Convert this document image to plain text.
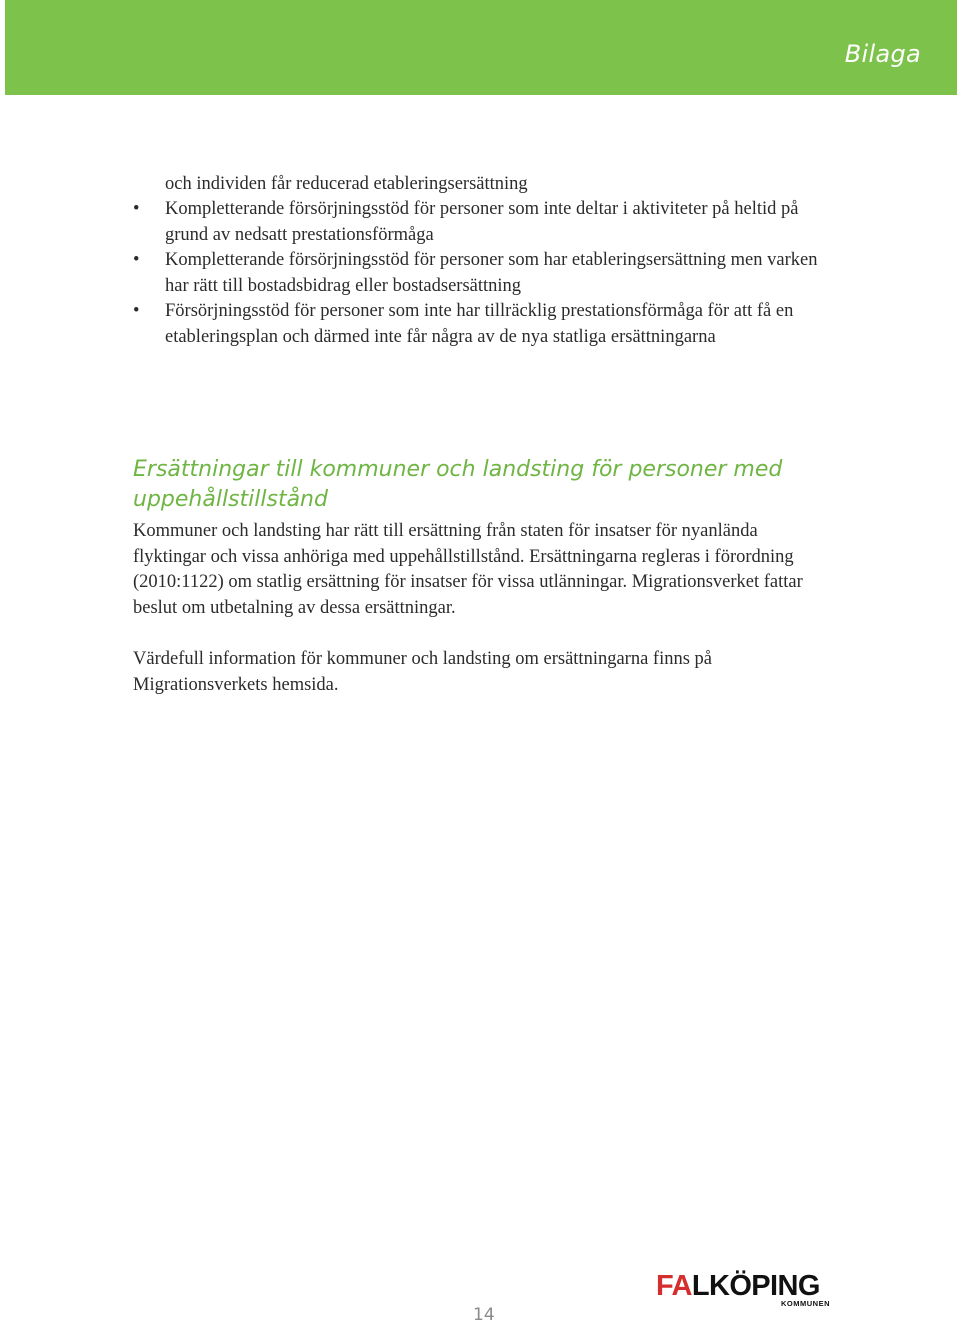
Bilaga
och individen får reducerad etableringsersättning
• Kompletterande försörjningsstöd för personer som inte deltar i aktiviteter på heltid på grund av nedsatt prestationsförmåga
• Kompletterande försörjningsstöd för personer som har etableringsersättning men varken har rätt till bostadsbidrag eller bostadsersättning
• Försörjningsstöd för personer som inte har tillräcklig prestationsförmåga för att få en etableringsplan och därmed inte får några av de nya statliga ersättningarna
Ersättningar till kommuner och landsting för personer med uppehållstillstånd

Kommuner och landsting har rätt till ersättning från staten för insatser för nyanlända flyktingar och vissa anhöriga med uppehållstillstånd. Ersättningarna regleras i förordning (2010:1122) om statlig ersättning för insatser för vissa utlänningar. Migrationsverket fattar beslut om utbetalning av dessa ersättningar.

Värdefull information för kommuner och landsting om ersättningarna finns på Migrationsverkets hemsida.

14
FALKÖPING
KOMMUNEN
